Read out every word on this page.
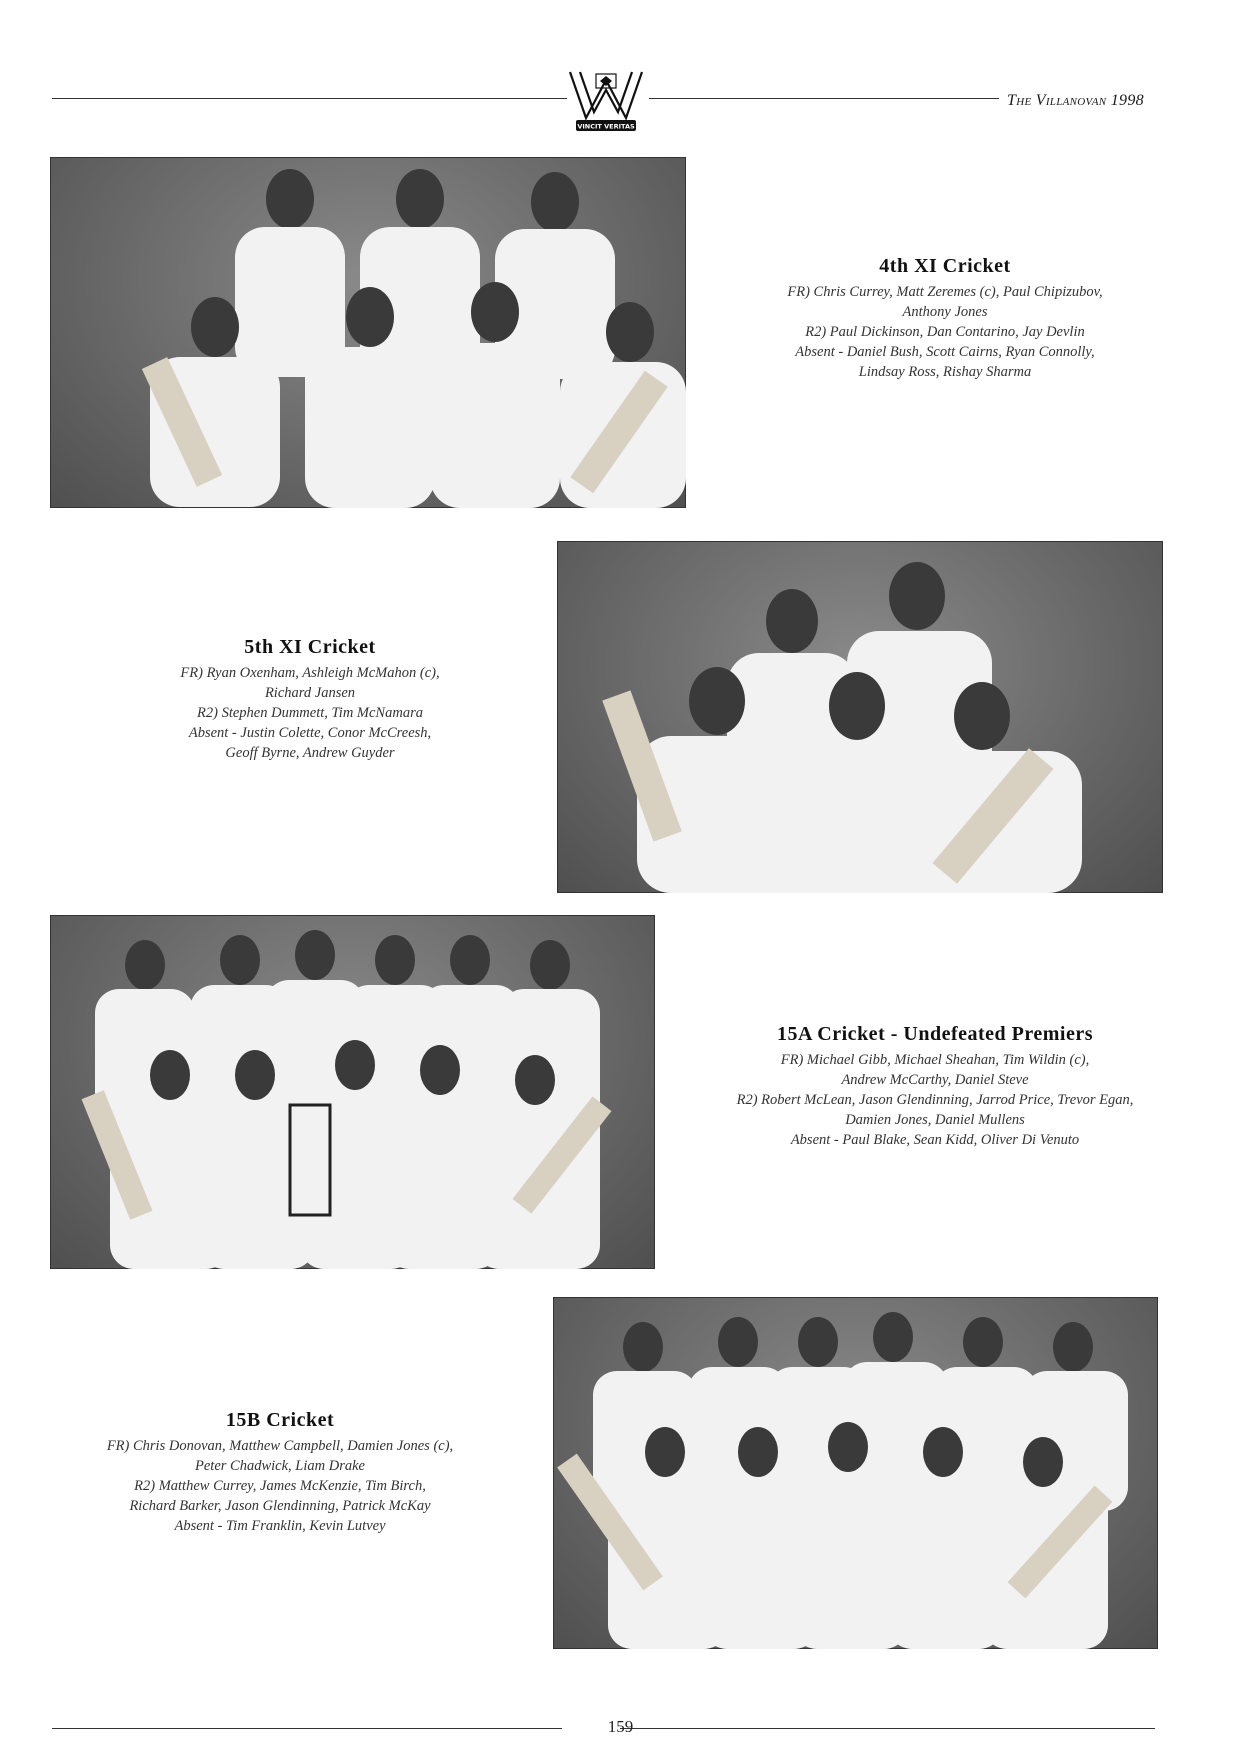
VINCIT VERITAS
The Villanovan 1998
4th XI Cricket
FR) Chris Currey, Matt Zeremes (c), Paul Chipizubov,
Anthony Jones
R2) Paul Dickinson, Dan Contarino, Jay Devlin
Absent - Daniel Bush, Scott Cairns, Ryan Connolly,
Lindsay Ross, Rishay Sharma
5th XI Cricket
FR) Ryan Oxenham, Ashleigh McMahon (c),
Richard Jansen
R2) Stephen Dummett, Tim McNamara
Absent - Justin Colette, Conor McCreesh,
Geoff Byrne, Andrew Guyder
15A Cricket - Undefeated Premiers
FR) Michael Gibb, Michael Sheahan, Tim Wildin (c),
Andrew McCarthy, Daniel Steve
R2) Robert McLean, Jason Glendinning, Jarrod Price, Trevor Egan,
Damien Jones, Daniel Mullens
Absent - Paul Blake, Sean Kidd, Oliver Di Venuto
15B Cricket
FR) Chris Donovan, Matthew Campbell, Damien Jones (c),
Peter Chadwick, Liam Drake
R2) Matthew Currey, James McKenzie, Tim Birch,
Richard Barker, Jason Glendinning, Patrick McKay
Absent - Tim Franklin, Kevin Lutvey
159
